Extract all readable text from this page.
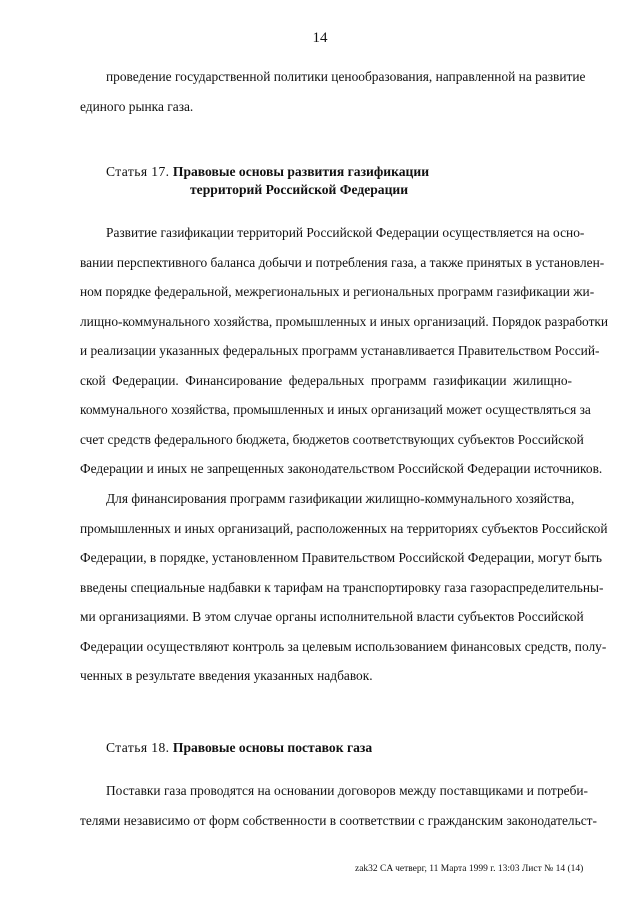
14
проведение государственной политики ценообразования, направленной на развитие
единого рынка газа.
Статья 17. Правовые основы развития газификации
территорий Российской Федерации
Развитие газификации территорий Российской Федерации осуществляется на осно-
вании перспективного баланса добычи и потребления газа, а также принятых в установлен-
ном порядке федеральной, межрегиональных и региональных программ газификации жи-
лищно-коммунального хозяйства, промышленных и иных организаций. Порядок разработки
и реализации указанных федеральных программ устанавливается Правительством Россий-
ской Федерации. Финансирование федеральных программ газификации жилищно-
коммунального хозяйства, промышленных и иных организаций может осуществляться за
счет средств федерального бюджета, бюджетов соответствующих субъектов Российской
Федерации и иных не запрещенных законодательством Российской Федерации источников.
Для финансирования программ газификации жилищно-коммунального хозяйства,
промышленных и иных организаций, расположенных на территориях субъектов Российской
Федерации, в порядке, установленном Правительством Российской Федерации, могут быть
введены специальные надбавки к тарифам на транспортировку газа газораспределительны-
ми организациями. В этом случае органы исполнительной власти субъектов Российской
Федерации осуществляют контроль за целевым использованием финансовых средств, полу-
ченных в результате введения указанных надбавок.
Статья 18. Правовые основы поставок газа
Поставки газа проводятся на основании договоров между поставщиками и потреби-
телями независимо от форм собственности в соответствии с гражданским законодательст-
zak32 CA четверг, 11 Марта 1999 г. 13:03 Лист № 14 (14)
